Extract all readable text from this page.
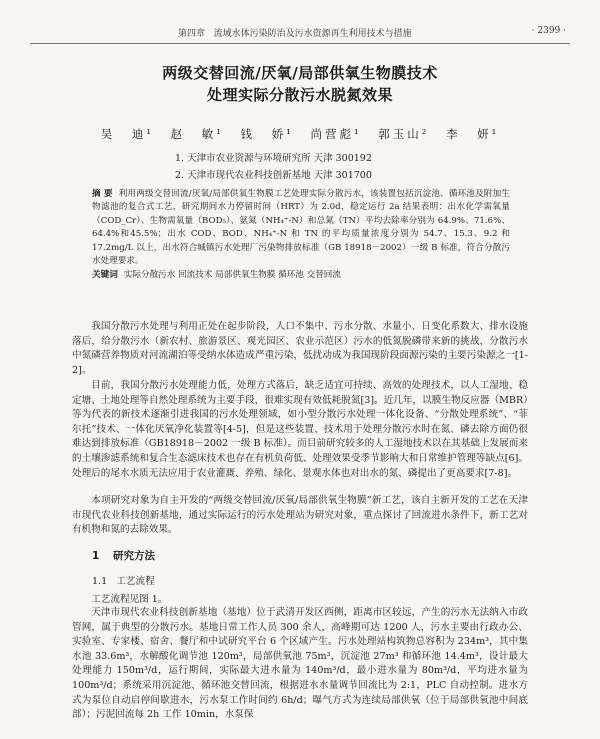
第四章 流域水体污染防治及污水资源再生利用技术与措施	· 2399 ·
两级交替回流/厌氧/局部供氧生物膜技术
处理实际分散污水脱氮效果
吴 迪¹ 赵 敏¹ 钱 娇¹ 尚营彪¹ 郭玉山² 李 妍¹
1. 天津市农业资源与环境研究所 天津 300192
2. 天津市现代农业科技创新基地 天津 301700
摘 要 利用两级交替回流/厌氧/局部供氧生物膜工艺处理实际分散污水，该装置包括沉淀池、循环池及附加生物滤池的复合式工艺，研究期间水力停留时间（HRT）为 2.0d，稳定运行 2a 结果表明：出水化学需氧量（COD_Cr）、生物需氧量（BOD₅）、氨氮（NH₄⁺-N）和总氮（TN）平均去除率分别为 64.9%、71.6%、64.4%和45.5%；出水 COD、BOD、NH₄⁺-N 和 TN 的平均质量浓度分别为 54.7、15.3、9.2 和 17.2mg/L 以上，出水符合城镇污水处理厂污染物排放标准（GB 18918－2002）一级 B 标准，符合分散污水处理要求。
关键词 实际分散污水 回流技术 局部供氧生物膜 循环池 交替回流

我国分散污水处理与利用正处在起步阶段，人口不集中、污水分散、水量小、日变化系数大、排水设施落后，给分散污水（新农村、旅游景区、观光园区、农业示范区）污水的低氮脱磷带来新的挑战，分散污水中氮磷营养物质对河流湖泊等受纳水体造成严重污染，低扰动成为我国现阶段面源污染的主要污染源之一[1-2]。

目前，我国分散污水处理能力低，处理方式落后，缺乏适宜可持续、高效的处理技术，以人工湿地、稳定塘、土地处理等自然处理系统为主要手段，很难实现有效低耗脱氮[3]。近几年，以膜生物反应器（MBR）等为代表的新技术逐渐引进我国的污水处理领域，如小型分散污水处理一体化设备、“分散处理系统”、“菲尔托”技术、一体化厌氧净化装置等[4-5]，但是这些装置、技术用于处理分散污水时在氮、磷去除方面仍很难达到排放标准（GB18918－2002 一级 B 标准）。而目前研究较多的人工湿地技术以在其基础上发展而来的土壤渗滤系统和复合生态滤床技术也存在有机负荷低、处理效果受季节影响大和日常维护管理等缺点[6]。处理后的尾水水质无法应用于农业灌溉、养殖、绿化、景观水体也对出水的氮、磷提出了更高要求[7-8]。

本项研究对象为自主开发的“两级交替回流/厌氧/局部供氧生物膜”新工艺，该自主新开发的工艺在天津市现代农业科技创新基地，通过实际运行的污水处理站为研究对象，重点探讨了回流进水条件下，新工艺对有机物和氮的去除效果。

1 研究方法
1.1 工艺流程
工艺流程见图 1。

天津市现代农业科技创新基地（基地）位于武清开发区西侧，距离市区较远，产生的污水无法纳入市政管网，属于典型的分散污水。基地日常工作人员 300 余人，高峰期可达 1200 人，污水主要由行政办公、实验室、专家楼、宿舍、餐厅和中试研究平台 6 个区域产生。污水处理站构筑物总容积为 234m³，其中集水池 33.6m³，水解酸化调节池 120m³，局部供氧池 75m³，沉淀池 27m³ 和循环池 14.4m³，设计最大处理能力 150m³/d，运行期间，实际最大进水量为 140m³/d，最小进水量为 80m³/d，平均进水量为 100m³/d；系统采用沉淀池、循环池交替回流，根据进水水量调节回流比为 2:1，PLC 自动控制。进水方式为泵位自动启停间歇进水，污水泵工作时间约 6h/d；曝气方式为连续局部供氧（位于局部供氧池中间底部）；污泥回流每 2h 工作 10min，水泵保
